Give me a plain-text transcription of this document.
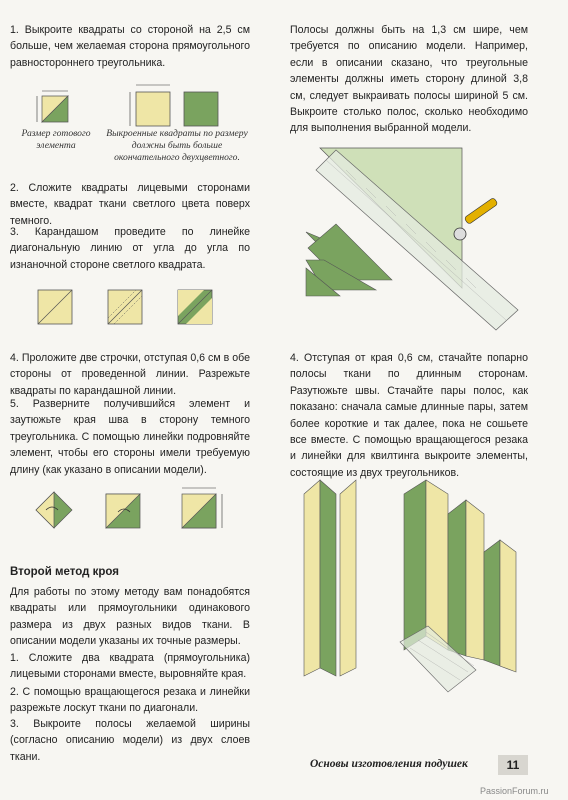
1. Выкроите квадраты со стороной на 2,5 см больше, чем желаемая сторона прямоугольного равностороннего треугольника.
Размер готового элемента
Выкроенные квадраты по размеру должны быть больше окончательного двухцветного.
2. Сложите квадраты лицевыми сторонами вместе, квадрат ткани светлого цвета поверх темного.
3. Карандашом проведите по линейке диагональную линию от угла до угла по изнаночной стороне светлого квадрата.
4. Проложите две строчки, отступая 0,6 см в обе стороны от проведенной линии. Разрежьте квадраты по карандашной линии.
5. Разверните получившийся элемент и заутюжьте края шва в сторону темного треугольника. С помощью линейки подровняйте элемент, чтобы его стороны имели требуемую длину (как указано в описании модели).
Второй метод кроя
Для работы по этому методу вам понадобятся квадраты или прямоугольники одинакового размера из двух разных видов ткани. В описании модели указаны их точные размеры.
1. Сложите два квадрата (прямоугольника) лицевыми сторонами вместе, выровняйте края.
2. С помощью вращающегося резака и линейки разрежьте лоскут ткани по диагонали.
3. Выкроите полосы желаемой ширины (согласно описанию модели) из двух слоев ткани.
Полосы должны быть на 1,3 см шире, чем требуется по описанию модели. Например, если в описании сказано, что треугольные элементы должны иметь сторону длиной 3,8 см, следует выкраивать полосы шириной 5 см. Выкроите столько полос, сколько необходимо для выполнения выбранной модели.
4. Отступая от края 0,6 см, стачайте попарно полосы ткани по длинным сторонам. Разутюжьте швы. Стачайте пары полос, как показано: сначала самые длинные пары, затем более короткие и так далее, пока не сошьете все вместе. С помощью вращающегося резака и линейки для квилтинга выкроите элементы, состоящие из двух треугольников.
Основы изготовления подушек	11
PassionForum.ru
